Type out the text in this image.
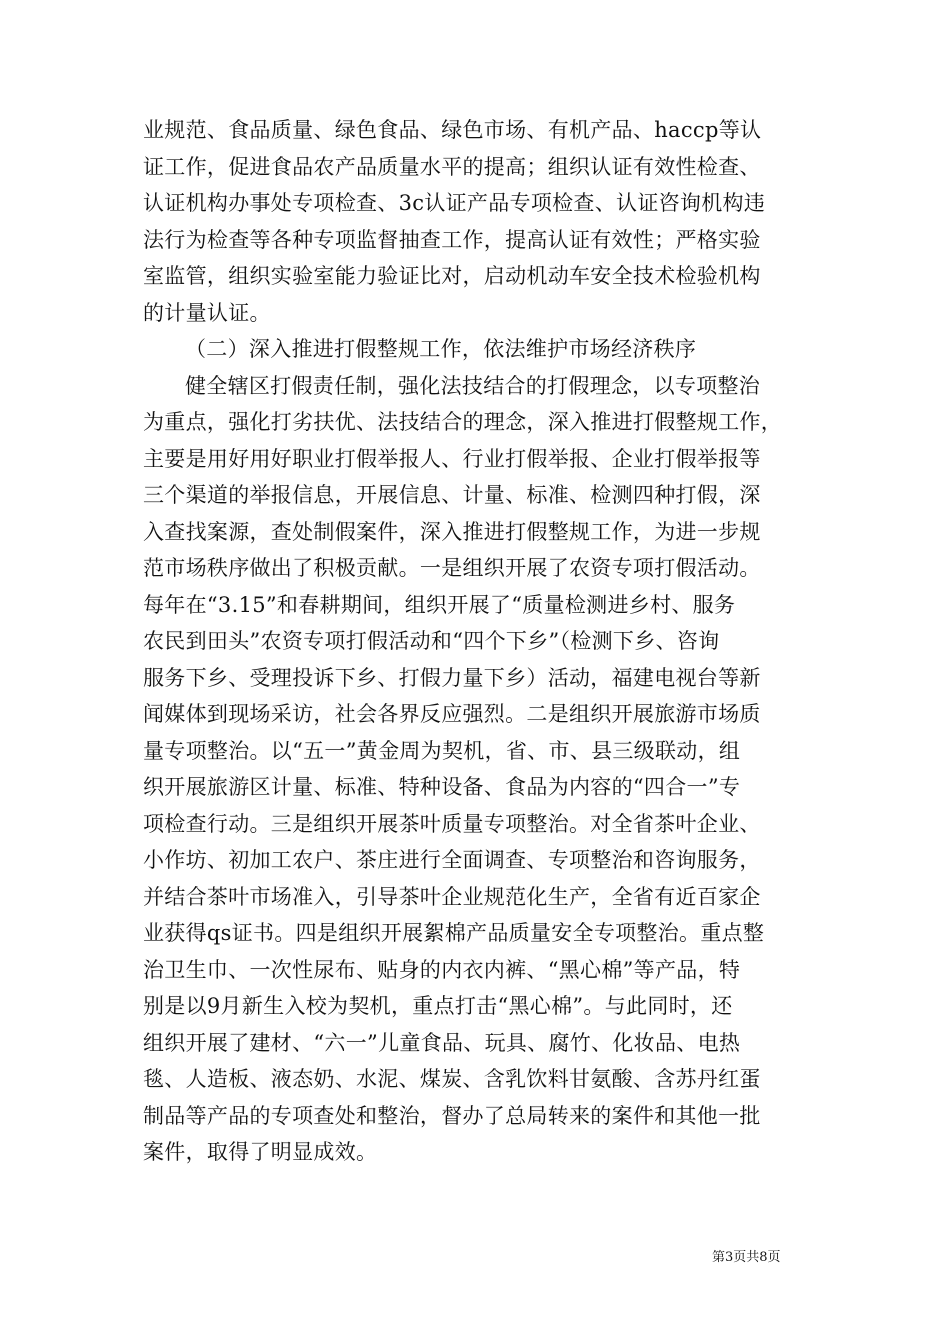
业规范、食品质量、绿色食品、绿色市场、有机产品、haccp等认
证工作，促进食品农产品质量水平的提高；组织认证有效性检查、
认证机构办事处专项检查、3c认证产品专项检查、认证咨询机构违
法行为检查等各种专项监督抽查工作，提高认证有效性；严格实验
室监管，组织实验室能力验证比对，启动机动车安全技术检验机构
的计量认证。
（二）深入推进打假整规工作，依法维护市场经济秩序
健全辖区打假责任制，强化法技结合的打假理念，以专项整治
为重点，强化打劣扶优、法技结合的理念，深入推进打假整规工作，
主要是用好用好职业打假举报人、行业打假举报、企业打假举报等
三个渠道的举报信息，开展信息、计量、标准、检测四种打假，深
入查找案源，查处制假案件，深入推进打假整规工作，为进一步规
范市场秩序做出了积极贡献。一是组织开展了农资专项打假活动。
每年在“3.15”和春耕期间，组织开展了“质量检测进乡村、服务
农民到田头”农资专项打假活动和“四个下乡”（检测下乡、咨询
服务下乡、受理投诉下乡、打假力量下乡）活动，福建电视台等新
闻媒体到现场采访，社会各界反应强烈。二是组织开展旅游市场质
量专项整治。以“五一”黄金周为契机，省、市、县三级联动，组
织开展旅游区计量、标准、特种设备、食品为内容的“四合一”专
项检查行动。三是组织开展茶叶质量专项整治。对全省茶叶企业、
小作坊、初加工农户、茶庄进行全面调查、专项整治和咨询服务，
并结合茶叶市场准入，引导茶叶企业规范化生产，全省有近百家企
业获得qs证书。四是组织开展絮棉产品质量安全专项整治。重点整
治卫生巾、一次性尿布、贴身的内衣内裤、“黑心棉”等产品，特
别是以9月新生入校为契机，重点打击“黑心棉”。与此同时，还
组织开展了建材、“六一”儿童食品、玩具、腐竹、化妆品、电热
毯、人造板、液态奶、水泥、煤炭、含乳饮料甘氨酸、含苏丹红蛋
制品等产品的专项查处和整治，督办了总局转来的案件和其他一批
案件，取得了明显成效。
第3页共8页
